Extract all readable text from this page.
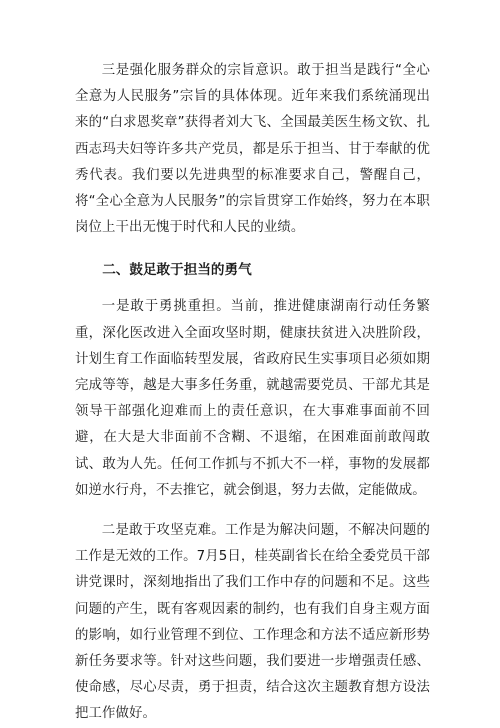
三是强化服务群众的宗旨意识。敢于担当是践行“全心全意为人民服务”宗旨的具体体现。近年来我们系统涌现出来的“白求恩奖章”获得者刘大飞、全国最美医生杨文钦、扎西志玛夫妇等许多共产党员，都是乐于担当、甘于奉献的优秀代表。我们要以先进典型的标准要求自己，警醒自己，将“全心全意为人民服务”的宗旨贯穿工作始终，努力在本职岗位上干出无愧于时代和人民的业绩。

二、鼓足敢于担当的勇气

一是敢于勇挑重担。当前，推进健康湖南行动任务繁重，深化医改进入全面攻坚时期，健康扶贫进入决胜阶段，计划生育工作面临转型发展，省政府民生实事项目必须如期完成等等，越是大事多任务重，就越需要党员、干部尤其是领导干部强化迎难而上的责任意识，在大事难事面前不回避，在大是大非面前不含糊、不退缩，在困难面前敢闯敢试、敢为人先。任何工作抓与不抓大不一样，事物的发展都如逆水行舟，不去推它，就会倒退，努力去做，定能做成。

二是敢于攻坚克难。工作是为解决问题，不解决问题的工作是无效的工作。7月5日，桂英副省长在给全委党员干部讲党课时，深刻地指出了我们工作中存的问题和不足。这些问题的产生，既有客观因素的制约，也有我们自身主观方面的影响，如行业管理不到位、工作理念和方法不适应新形势新任务要求等。针对这些问题，我们要进一步增强责任感、使命感，尽心尽责，勇于担责，结合这次主题教育想方设法把工作做好。
